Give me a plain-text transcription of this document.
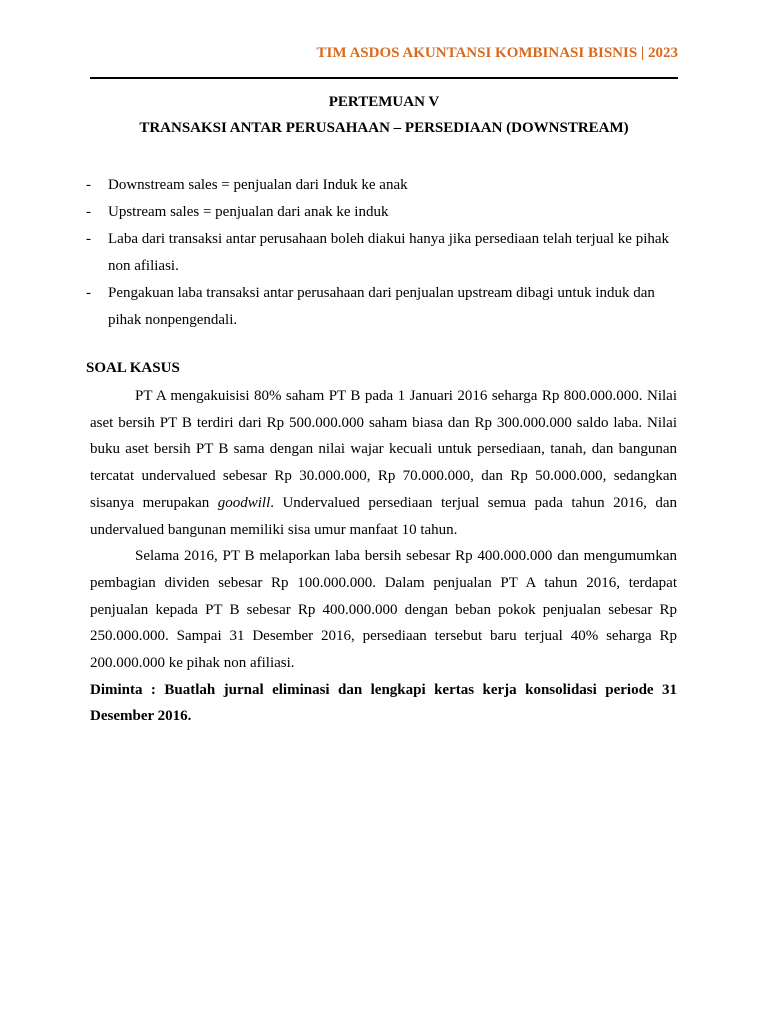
TIM ASDOS AKUNTANSI KOMBINASI BISNIS | 2023
PERTEMUAN V
TRANSAKSI ANTAR PERUSAHAAN – PERSEDIAAN (DOWNSTREAM)
- Downstream sales = penjualan dari Induk ke anak
- Upstream sales = penjualan dari anak ke induk
- Laba dari transaksi antar perusahaan boleh diakui hanya jika persediaan telah terjual ke pihak non afiliasi.
- Pengakuan laba transaksi antar perusahaan dari penjualan upstream dibagi untuk induk dan pihak nonpengendali.
SOAL KASUS

PT A mengakuisisi 80% saham PT B pada 1 Januari 2016 seharga Rp 800.000.000. Nilai aset bersih PT B terdiri dari Rp 500.000.000 saham biasa dan Rp 300.000.000 saldo laba. Nilai buku aset bersih PT B sama dengan nilai wajar kecuali untuk persediaan, tanah, dan bangunan tercatat undervalued sebesar Rp 30.000.000, Rp 70.000.000, dan Rp 50.000.000, sedangkan sisanya merupakan goodwill. Undervalued persediaan terjual semua pada tahun 2016, dan undervalued bangunan memiliki sisa umur manfaat 10 tahun.

Selama 2016, PT B melaporkan laba bersih sebesar Rp 400.000.000 dan mengumumkan pembagian dividen sebesar Rp 100.000.000. Dalam penjualan PT A tahun 2016, terdapat penjualan kepada PT B sebesar Rp 400.000.000 dengan beban pokok penjualan sebesar Rp 250.000.000. Sampai 31 Desember 2016, persediaan tersebut baru terjual 40% seharga Rp 200.000.000 ke pihak non afiliasi.

Diminta : Buatlah jurnal eliminasi dan lengkapi kertas kerja konsolidasi periode 31 Desember 2016.
